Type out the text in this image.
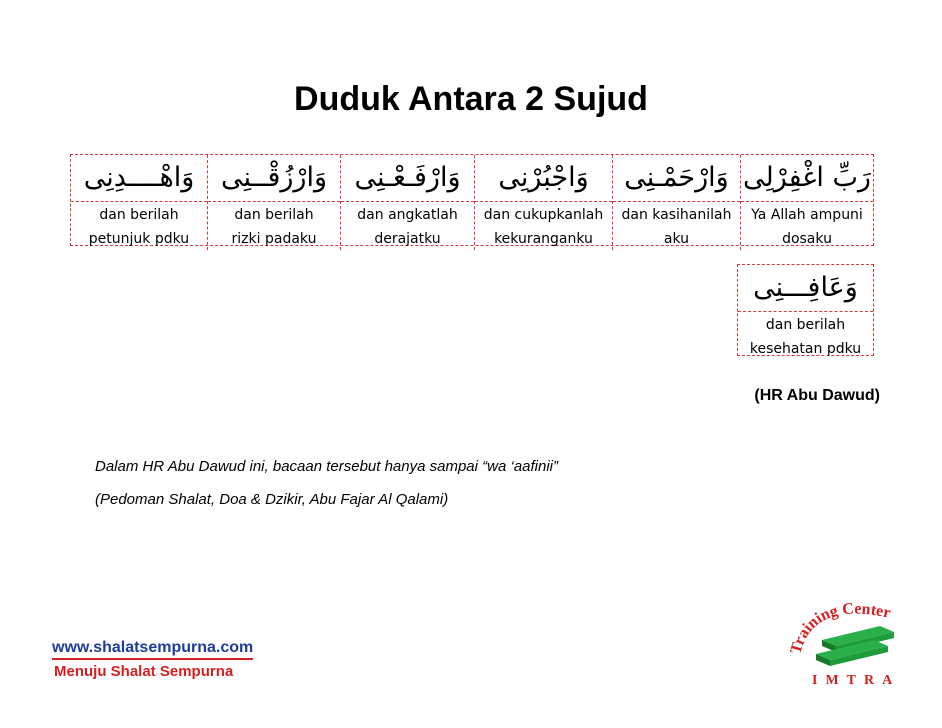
Duduk Antara 2 Sujud
وَاهْــــدِنِى
dan berilah
petunjuk pdku
وَارْزُقْــنِى
dan berilah
rizki padaku
وَارْفَـعْـنِى
dan angkatlah
derajatku
وَاجْبُرْنِى
dan cukupkanlah
kekuranganku
وَارْحَمْـنِى
dan kasihanilah
aku
رَبِّ اغْفِرْلِى
Ya Allah ampuni
dosaku
وَعَافِـــنِى
dan berilah
kesehatan pdku
(HR Abu Dawud)
Dalam HR Abu Dawud ini, bacaan tersebut hanya sampai “wa ‘aafinii”
(Pedoman Shalat, Doa & Dzikir, Abu Fajar Al Qalami)
www.shalatsempurna.com
Menuju Shalat Sempurna
Training Center
IMTRA
